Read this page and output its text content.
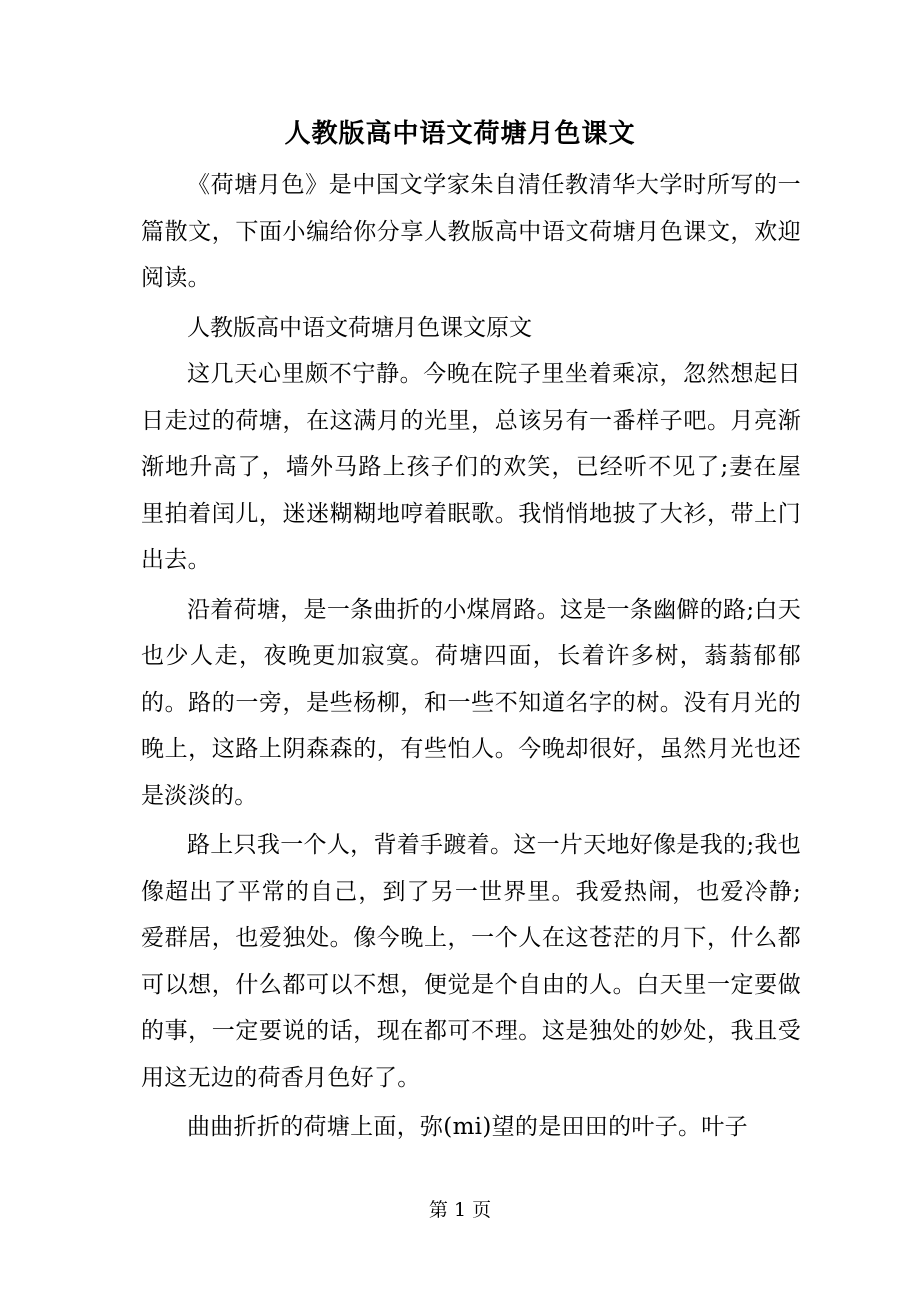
人教版高中语文荷塘月色课文

《荷塘月色》是中国文学家朱自清任教清华大学时所写的一篇散文，下面小编给你分享人教版高中语文荷塘月色课文，欢迎阅读。

人教版高中语文荷塘月色课文原文

这几天心里颇不宁静。今晚在院子里坐着乘凉，忽然想起日日走过的荷塘，在这满月的光里，总该另有一番样子吧。月亮渐渐地升高了，墙外马路上孩子们的欢笑，已经听不见了;妻在屋里拍着闰儿，迷迷糊糊地哼着眠歌。我悄悄地披了大衫，带上门出去。

沿着荷塘，是一条曲折的小煤屑路。这是一条幽僻的路;白天也少人走，夜晚更加寂寞。荷塘四面，长着许多树，蓊蓊郁郁的。路的一旁，是些杨柳，和一些不知道名字的树。没有月光的晚上，这路上阴森森的，有些怕人。今晚却很好，虽然月光也还是淡淡的。

路上只我一个人，背着手踱着。这一片天地好像是我的;我也像超出了平常的自己，到了另一世界里。我爱热闹，也爱冷静;爱群居，也爱独处。像今晚上，一个人在这苍茫的月下，什么都可以想，什么都可以不想，便觉是个自由的人。白天里一定要做的事，一定要说的话，现在都可不理。这是独处的妙处，我且受用这无边的荷香月色好了。

曲曲折折的荷塘上面，弥(mi)望的是田田的叶子。叶子

第 1 页
